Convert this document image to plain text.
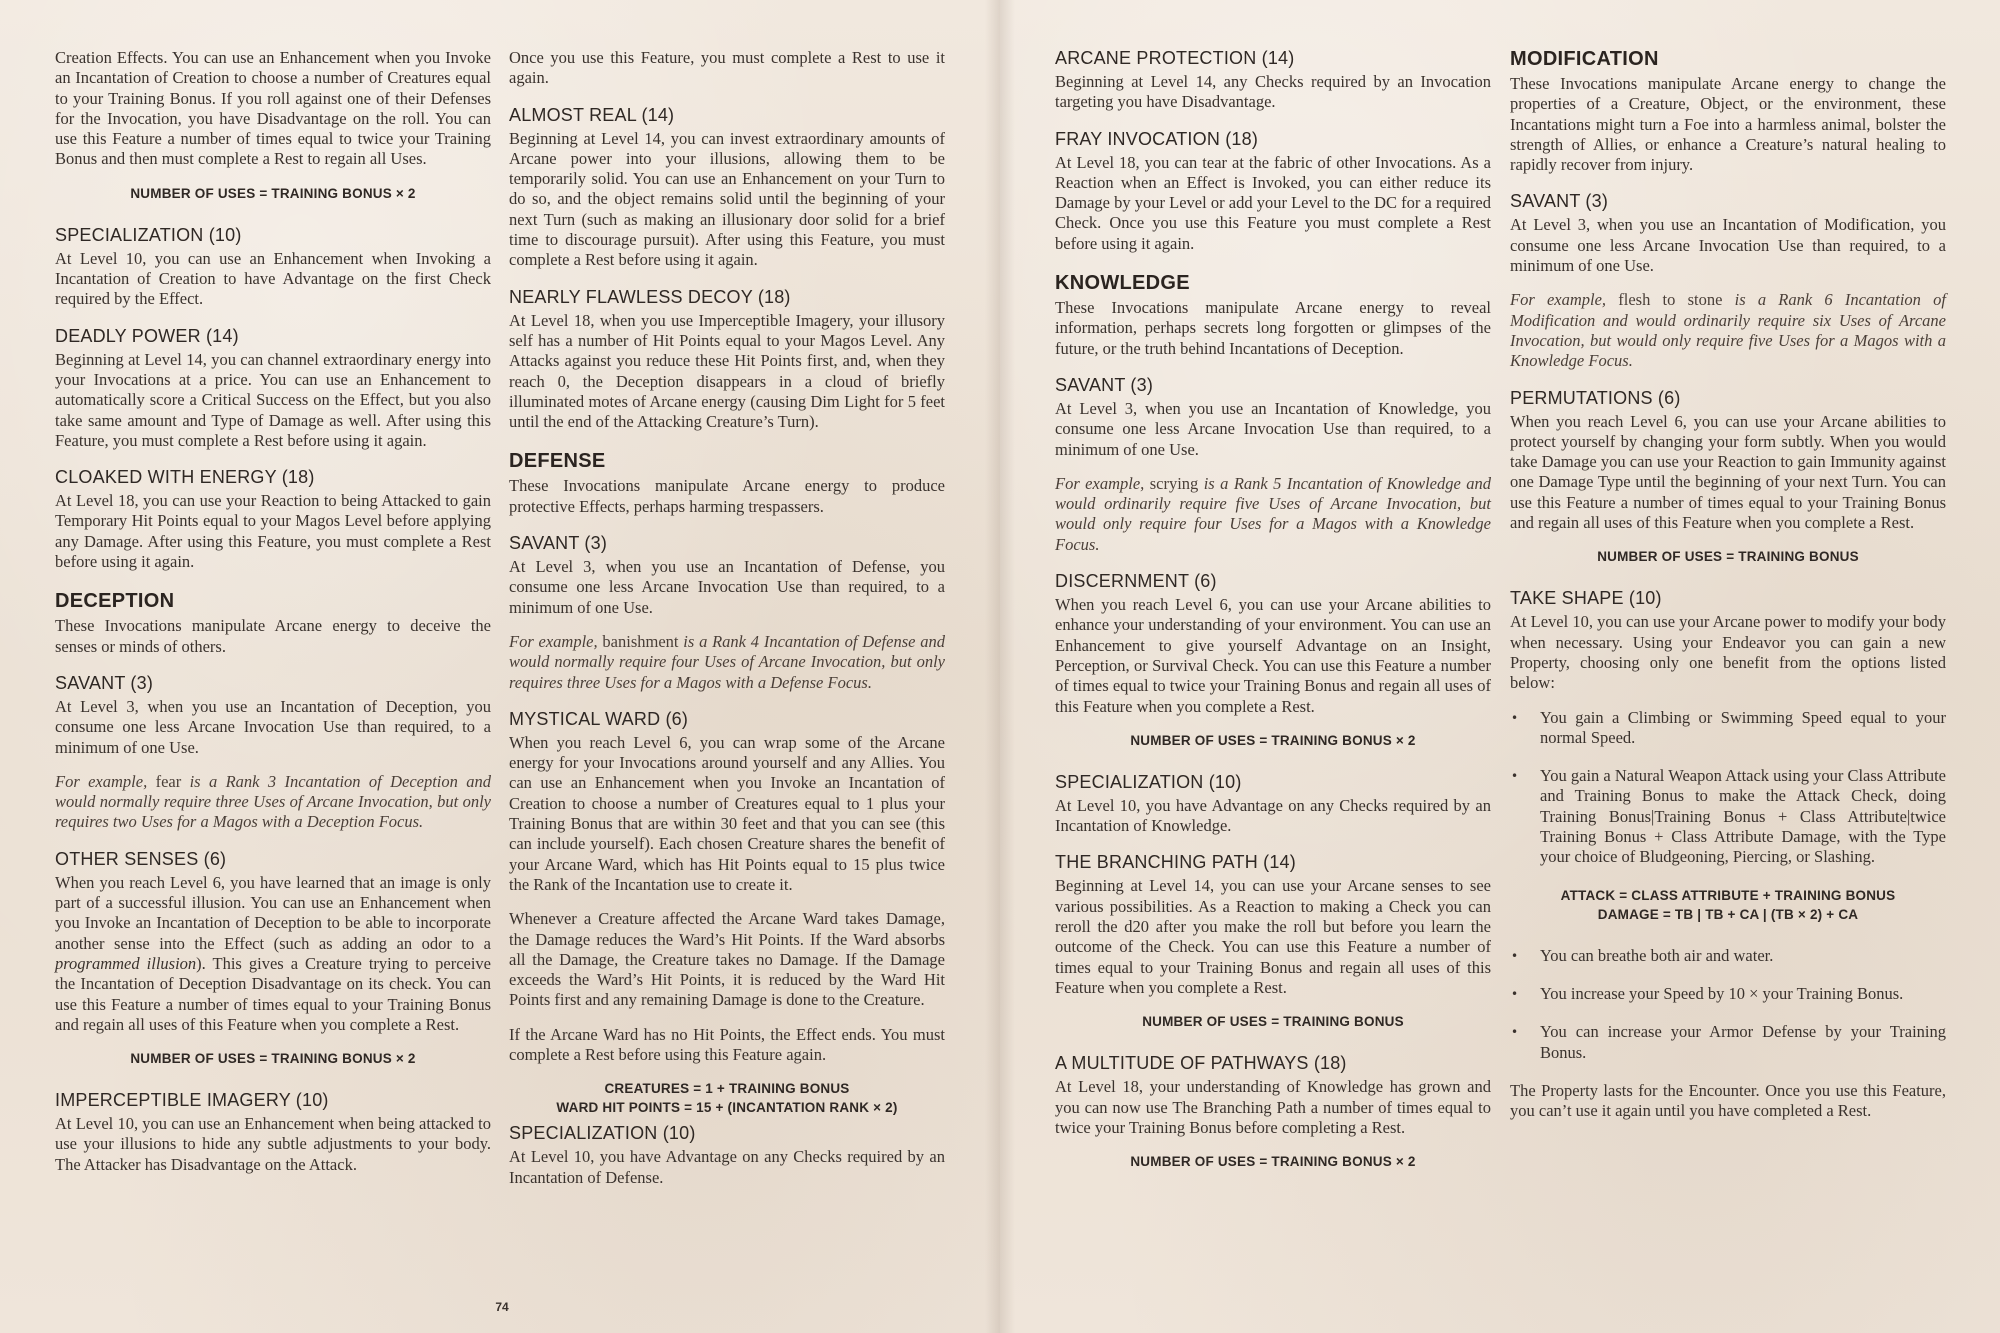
Creation Effects. You can use an Enhancement when you Invoke an Incantation of Creation to choose a number of Creatures equal to your Training Bonus. If you roll against one of their Defenses for the Invocation, you have Disadvantage on the roll. You can use this Feature a number of times equal to twice your Training Bonus and then must complete a Rest to regain all Uses.

NUMBER OF USES = TRAINING BONUS × 2
SPECIALIZATION (10)

At Level 10, you can use an Enhancement when Invoking a Incantation of Creation to have Advantage on the first Check required by the Effect.

DEADLY POWER (14)

Beginning at Level 14, you can channel extraordinary energy into your Invocations at a price. You can use an Enhancement to automatically score a Critical Success on the Effect, but you also take same amount and Type of Damage as well. After using this Feature, you must complete a Rest before using it again.

CLOAKED WITH ENERGY (18)

At Level 18, you can use your Reaction to being Attacked to gain Temporary Hit Points equal to your Magos Level before applying any Damage. After using this Feature, you must complete a Rest before using it again.

DECEPTION

These Invocations manipulate Arcane energy to deceive the senses or minds of others.

SAVANT (3)

At Level 3, when you use an Incantation of Deception, you consume one less Arcane Invocation Use than required, to a minimum of one Use.

For example, fear is a Rank 3 Incantation of Deception and would normally require three Uses of Arcane Invocation, but only requires two Uses for a Magos with a Deception Focus.

OTHER SENSES (6)

When you reach Level 6, you have learned that an image is only part of a successful illusion. You can use an Enhancement when you Invoke an Incantation of Deception to be able to incorporate another sense into the Effect (such as adding an odor to a programmed illusion). This gives a Creature trying to perceive the Incantation of Deception Disadvantage on its check. You can use this Feature a number of times equal to your Training Bonus and regain all uses of this Feature when you complete a Rest.

NUMBER OF USES = TRAINING BONUS × 2
IMPERCEPTIBLE IMAGERY (10)

At Level 10, you can use an Enhancement when being attacked to use your illusions to hide any subtle adjustments to your body. The Attacker has Disadvantage on the Attack.

Once you use this Feature, you must complete a Rest to use it again.

ALMOST REAL (14)

Beginning at Level 14, you can invest extraordinary amounts of Arcane power into your illusions, allowing them to be temporarily solid. You can use an Enhancement on your Turn to do so, and the object remains solid until the beginning of your next Turn (such as making an illusionary door solid for a brief time to discourage pursuit). After using this Feature, you must complete a Rest before using it again.

NEARLY FLAWLESS DECOY (18)

At Level 18, when you use Imperceptible Imagery, your illusory self has a number of Hit Points equal to your Magos Level. Any Attacks against you reduce these Hit Points first, and, when they reach 0, the Deception disappears in a cloud of briefly illuminated motes of Arcane energy (causing Dim Light for 5 feet until the end of the Attacking Creature’s Turn).

DEFENSE

These Invocations manipulate Arcane energy to produce protective Effects, perhaps harming trespassers.

SAVANT (3)

At Level 3, when you use an Incantation of Defense, you consume one less Arcane Invocation Use than required, to a minimum of one Use.

For example, banishment is a Rank 4 Incantation of Defense and would normally require four Uses of Arcane Invocation, but only requires three Uses for a Magos with a Defense Focus.

MYSTICAL WARD (6)

When you reach Level 6, you can wrap some of the Arcane energy for your Invocations around yourself and any Allies. You can use an Enhancement when you Invoke an Incantation of Creation to choose a number of Creatures equal to 1 plus your Training Bonus that are within 30 feet and that you can see (this can include yourself). Each chosen Creature shares the benefit of your Arcane Ward, which has Hit Points equal to 15 plus twice the Rank of the Incantation use to create it.

Whenever a Creature affected the Arcane Ward takes Damage, the Damage reduces the Ward’s Hit Points. If the Ward absorbs all the Damage, the Creature takes no Damage. If the Damage exceeds the Ward’s Hit Points, it is reduced by the Ward Hit Points first and any remaining Damage is done to the Creature.

If the Arcane Ward has no Hit Points, the Effect ends. You must complete a Rest before using this Feature again.

CREATURES = 1 + TRAINING BONUS
WARD HIT POINTS = 15 + (INCANTATION RANK × 2)
SPECIALIZATION (10)

At Level 10, you have Advantage on any Checks required by an Incantation of Defense.

74
ARCANE PROTECTION (14)

Beginning at Level 14, any Checks required by an Invocation targeting you have Disadvantage.

FRAY INVOCATION (18)

At Level 18, you can tear at the fabric of other Invocations. As a Reaction when an Effect is Invoked, you can either reduce its Damage by your Level or add your Level to the DC for a required Check. Once you use this Feature you must complete a Rest before using it again.

KNOWLEDGE

These Invocations manipulate Arcane energy to reveal information, perhaps secrets long forgotten or glimpses of the future, or the truth behind Incantations of Deception.

SAVANT (3)

At Level 3, when you use an Incantation of Knowledge, you consume one less Arcane Invocation Use than required, to a minimum of one Use.

For example, scrying is a Rank 5 Incantation of Knowledge and would ordinarily require five Uses of Arcane Invocation, but would only require four Uses for a Magos with a Knowledge Focus.

DISCERNMENT (6)

When you reach Level 6, you can use your Arcane abilities to enhance your understanding of your environment. You can use an Enhancement to give yourself Advantage on an Insight, Perception, or Survival Check. You can use this Feature a number of times equal to twice your Training Bonus and regain all uses of this Feature when you complete a Rest.

NUMBER OF USES = TRAINING BONUS × 2
SPECIALIZATION (10)

At Level 10, you have Advantage on any Checks required by an Incantation of Knowledge.

THE BRANCHING PATH (14)

Beginning at Level 14, you can use your Arcane senses to see various possibilities. As a Reaction to making a Check you can reroll the d20 after you make the roll but before you learn the outcome of the Check. You can use this Feature a number of times equal to your Training Bonus and regain all uses of this Feature when you complete a Rest.

NUMBER OF USES = TRAINING BONUS
A MULTITUDE OF PATHWAYS (18)

At Level 18, your understanding of Knowledge has grown and you can now use The Branching Path a number of times equal to twice your Training Bonus before completing a Rest.

NUMBER OF USES = TRAINING BONUS × 2
MODIFICATION

These Invocations manipulate Arcane energy to change the properties of a Creature, Object, or the environment, these Incantations might turn a Foe into a harmless animal, bolster the strength of Allies, or enhance a Creature’s natural healing to rapidly recover from injury.

SAVANT (3)

At Level 3, when you use an Incantation of Modification, you consume one less Arcane Invocation Use than required, to a minimum of one Use.

For example, flesh to stone is a Rank 6 Incantation of Modification and would ordinarily require six Uses of Arcane Invocation, but would only require five Uses for a Magos with a Knowledge Focus.

PERMUTATIONS (6)

When you reach Level 6, you can use your Arcane abilities to protect yourself by changing your form subtly. When you would take Damage you can use your Reaction to gain Immunity against one Damage Type until the beginning of your next Turn. You can use this Feature a number of times equal to your Training Bonus and regain all uses of this Feature when you complete a Rest.

NUMBER OF USES = TRAINING BONUS
TAKE SHAPE (10)

At Level 10, you can use your Arcane power to modify your body when necessary. Using your Endeavor you can gain a new Property, choosing only one benefit from the options listed below:

• You gain a Climbing or Swimming Speed equal to your normal Speed.
• You gain a Natural Weapon Attack using your Class Attribute and Training Bonus to make the Attack Check, doing Training Bonus|Training Bonus + Class Attribute|twice Training Bonus + Class Attribute Damage, with the Type your choice of Bludgeoning, Piercing, or Slashing.
ATTACK = CLASS ATTRIBUTE + TRAINING BONUS
DAMAGE = TB | TB + CA | (TB × 2) + CA
• You can breathe both air and water.
• You increase your Speed by 10 × your Training Bonus.
• You can increase your Armor Defense by your Training Bonus.

The Property lasts for the Encounter. Once you use this Feature, you can’t use it again until you have completed a Rest.
